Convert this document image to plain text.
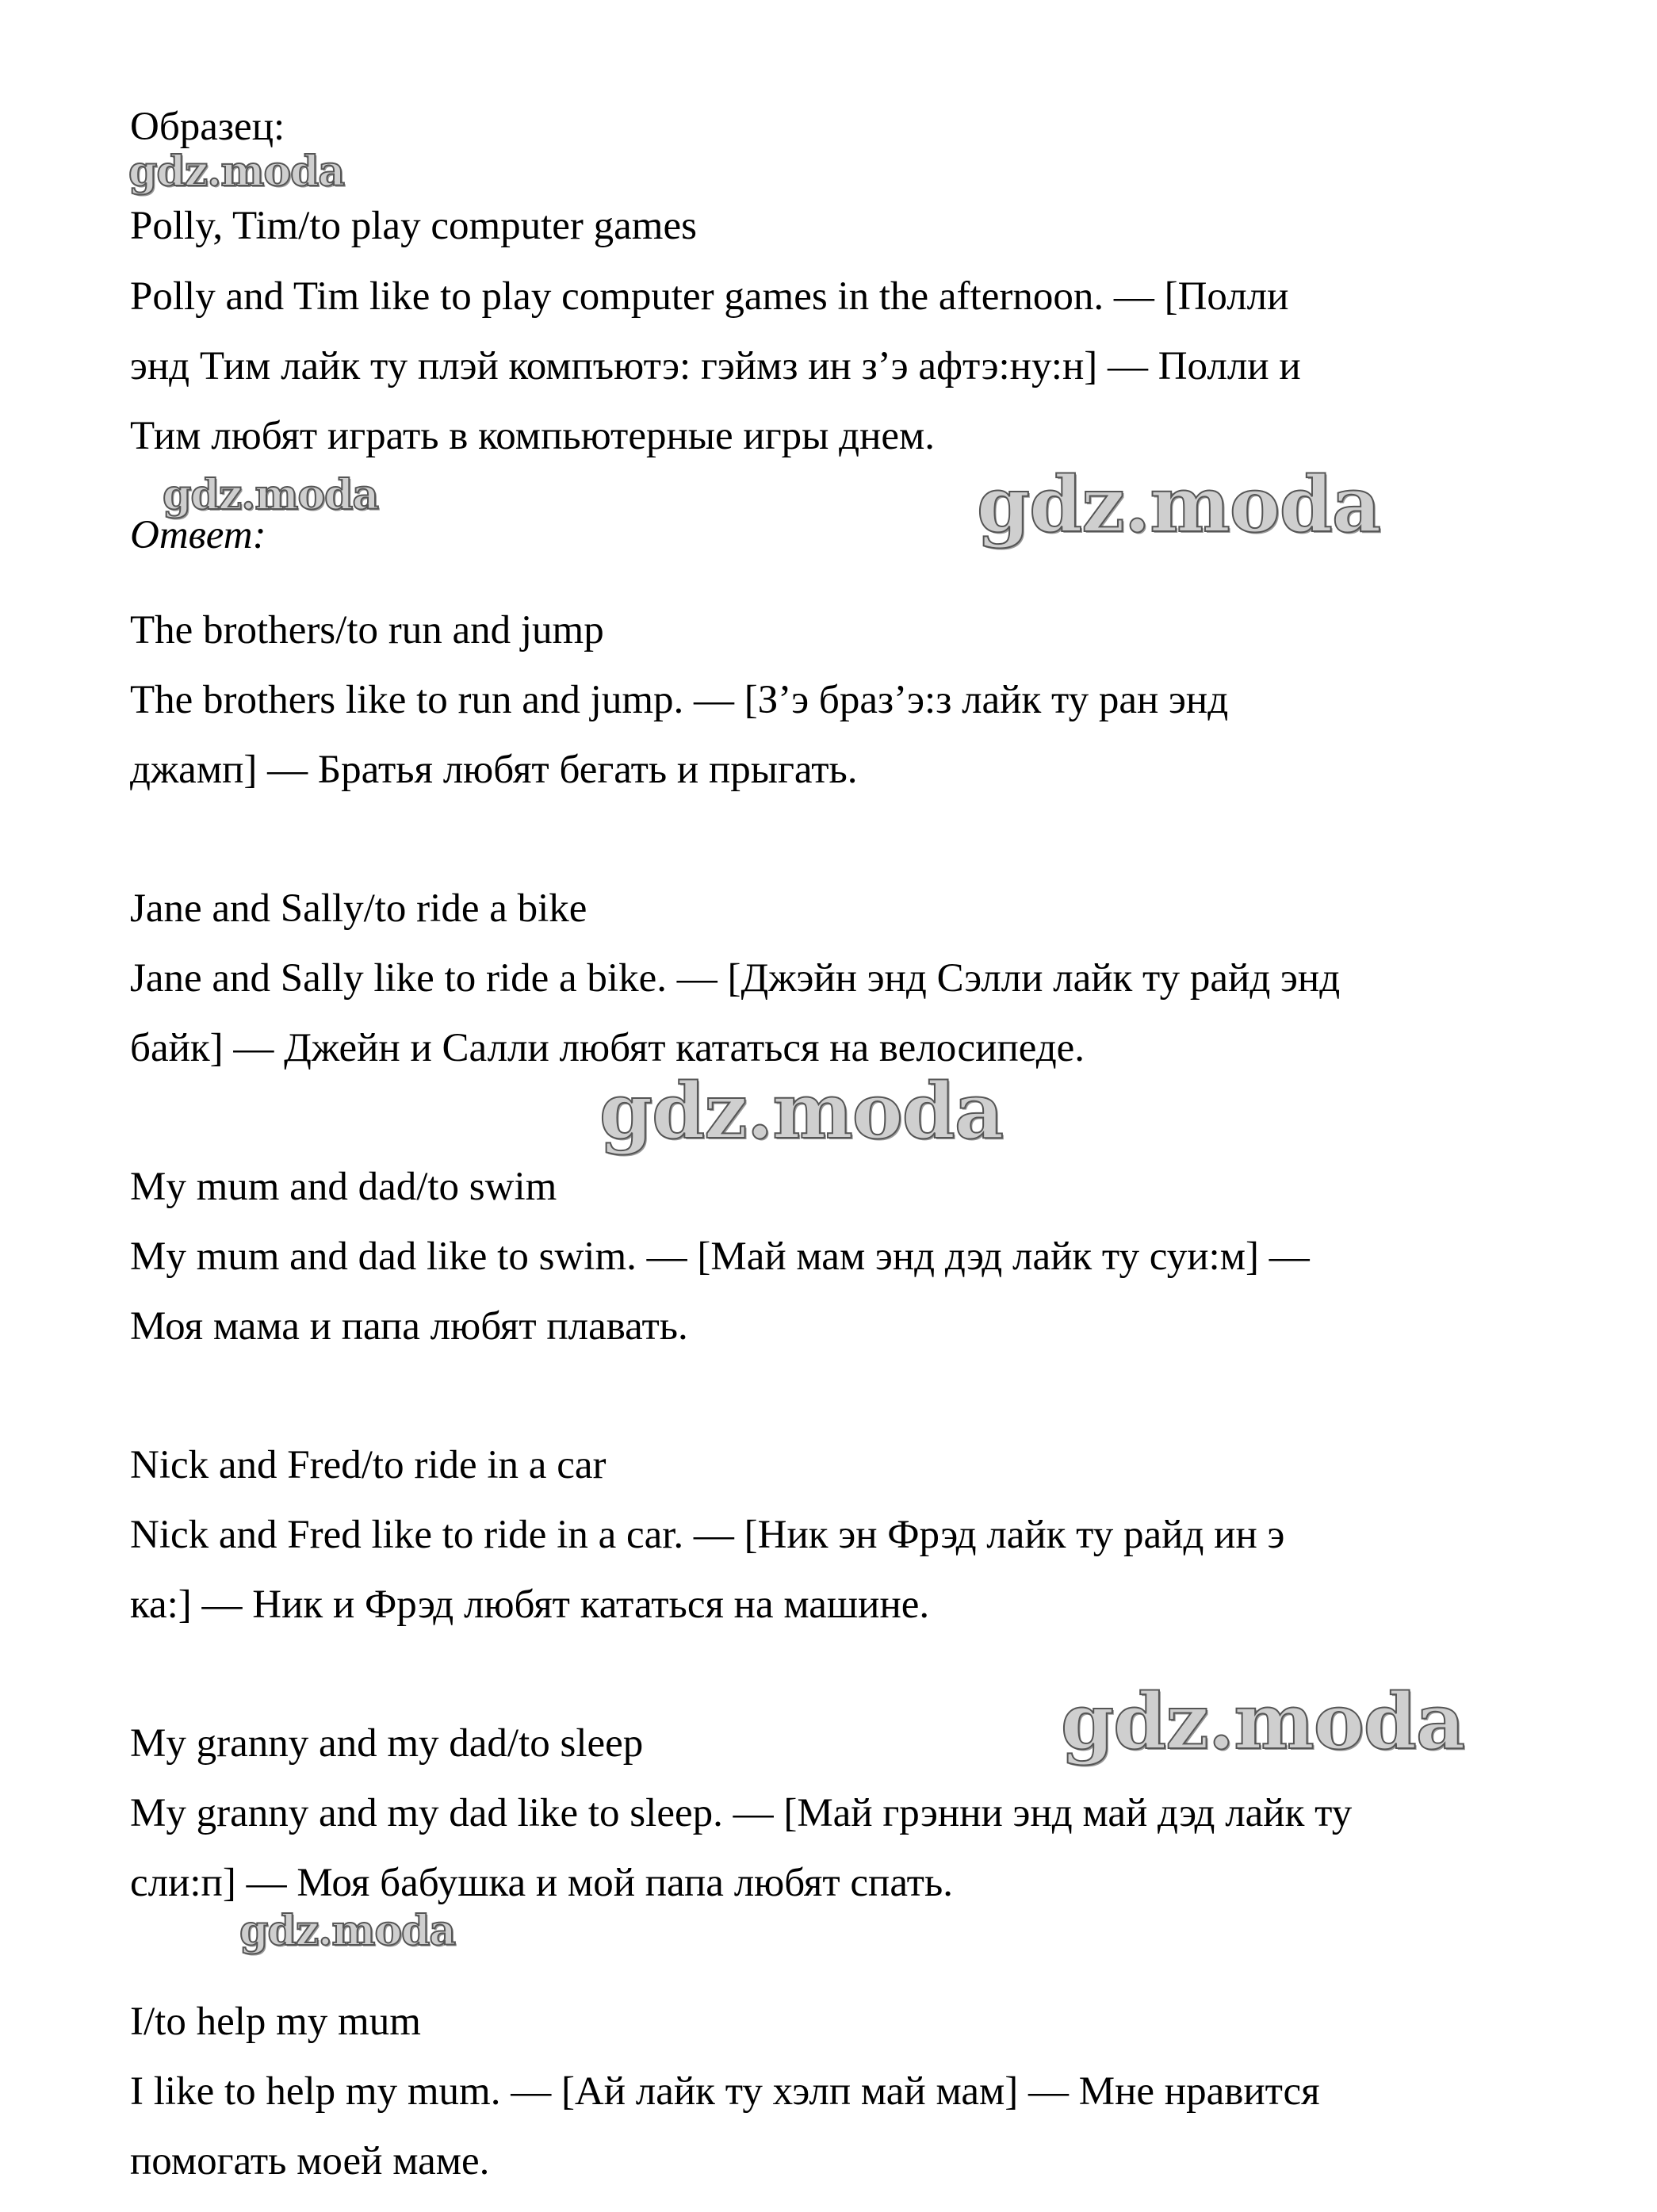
Образец:
Polly, Tim/to play computer games
Polly and Tim like to play computer games in the afternoon. — [Полли
энд Тим лайк ту плэй компъютэ: гэймз ин з’э афтэ:ну:н] — Полли и
Тим любят играть в компьютерные игры днем.
Ответ:
The brothers/to run and jump
The brothers like to run and jump. — [З’э браз’э:з лайк ту ран энд
джамп] — Братья любят бегать и прыгать.
Jane and Sally/to ride a bike
Jane and Sally like to ride a bike. — [Джэйн энд Сэлли лайк ту райд энд
байк] — Джейн и Салли любят кататься на велосипеде.
My mum and dad/to swim
My mum and dad like to swim. — [Май мам энд дэд лайк ту суи:м] —
Моя мама и папа любят плавать.
Nick and Fred/to ride in a car
Nick and Fred like to ride in a car. — [Ник эн Фрэд лайк ту райд ин э
ка:] — Ник и Фрэд любят кататься на машине.
My granny and my dad/to sleep
My granny and my dad like to sleep. — [Май грэнни энд май дэд лайк ту
сли:п] — Моя бабушка и мой папа любят спать.
I/to help my mum
I like to help my mum. — [Ай лайк ту хэлп май мам] — Мне нравится
помогать моей маме.
gdz.moda
gdz.moda	gdz.moda
gdz.moda
gdz.moda
gdz.moda
